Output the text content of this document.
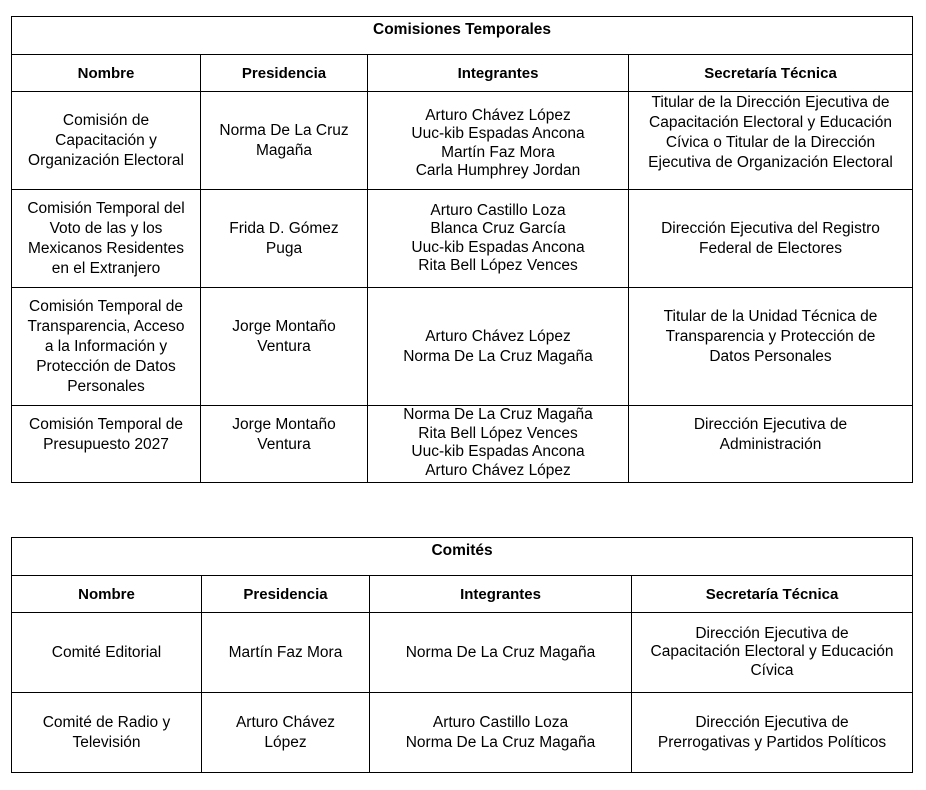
Comisiones Temporales			
Nombre	Presidencia	Integrantes	Secretaría Técnica

Comisión de
Capacitación y
Organización Electoral	Norma De La Cruz
Magaña	Arturo Chávez López
Uuc-kib Espadas Ancona
Martín Faz Mora
Carla Humphrey Jordan	Titular de la Dirección Ejecutiva de
Capacitación Electoral y Educación
Cívica o Titular de la Dirección
Ejecutiva de Organización Electoral

Comisión Temporal del
Voto de las y los
Mexicanos Residentes
en el Extranjero	Frida D. Gómez
Puga	Arturo Castillo Loza
Blanca Cruz García
Uuc-kib Espadas Ancona
Rita Bell López Vences	Dirección Ejecutiva del Registro
Federal de Electores

Comisión Temporal de
Transparencia, Acceso
a la Información y
Protección de Datos
Personales	Jorge Montaño
Ventura	Arturo Chávez López
Norma De La Cruz Magaña	Titular de la Unidad Técnica de
Transparencia y Protección de
Datos Personales

Comisión Temporal de
Presupuesto 2027	Jorge Montaño
Ventura	Norma De La Cruz Magaña
Rita Bell López Vences
Uuc-kib Espadas Ancona
Arturo Chávez López	Dirección Ejecutiva de
Administración
Comités			
Nombre	Presidencia	Integrantes	Secretaría Técnica

Comité Editorial	Martín Faz Mora	Norma De La Cruz Magaña	Dirección Ejecutiva de
Capacitación Electoral y Educación
Cívica

Comité de Radio y
Televisión	Arturo Chávez
López	Arturo Castillo Loza
Norma De La Cruz Magaña	Dirección Ejecutiva de
Prerrogativas y Partidos Políticos
